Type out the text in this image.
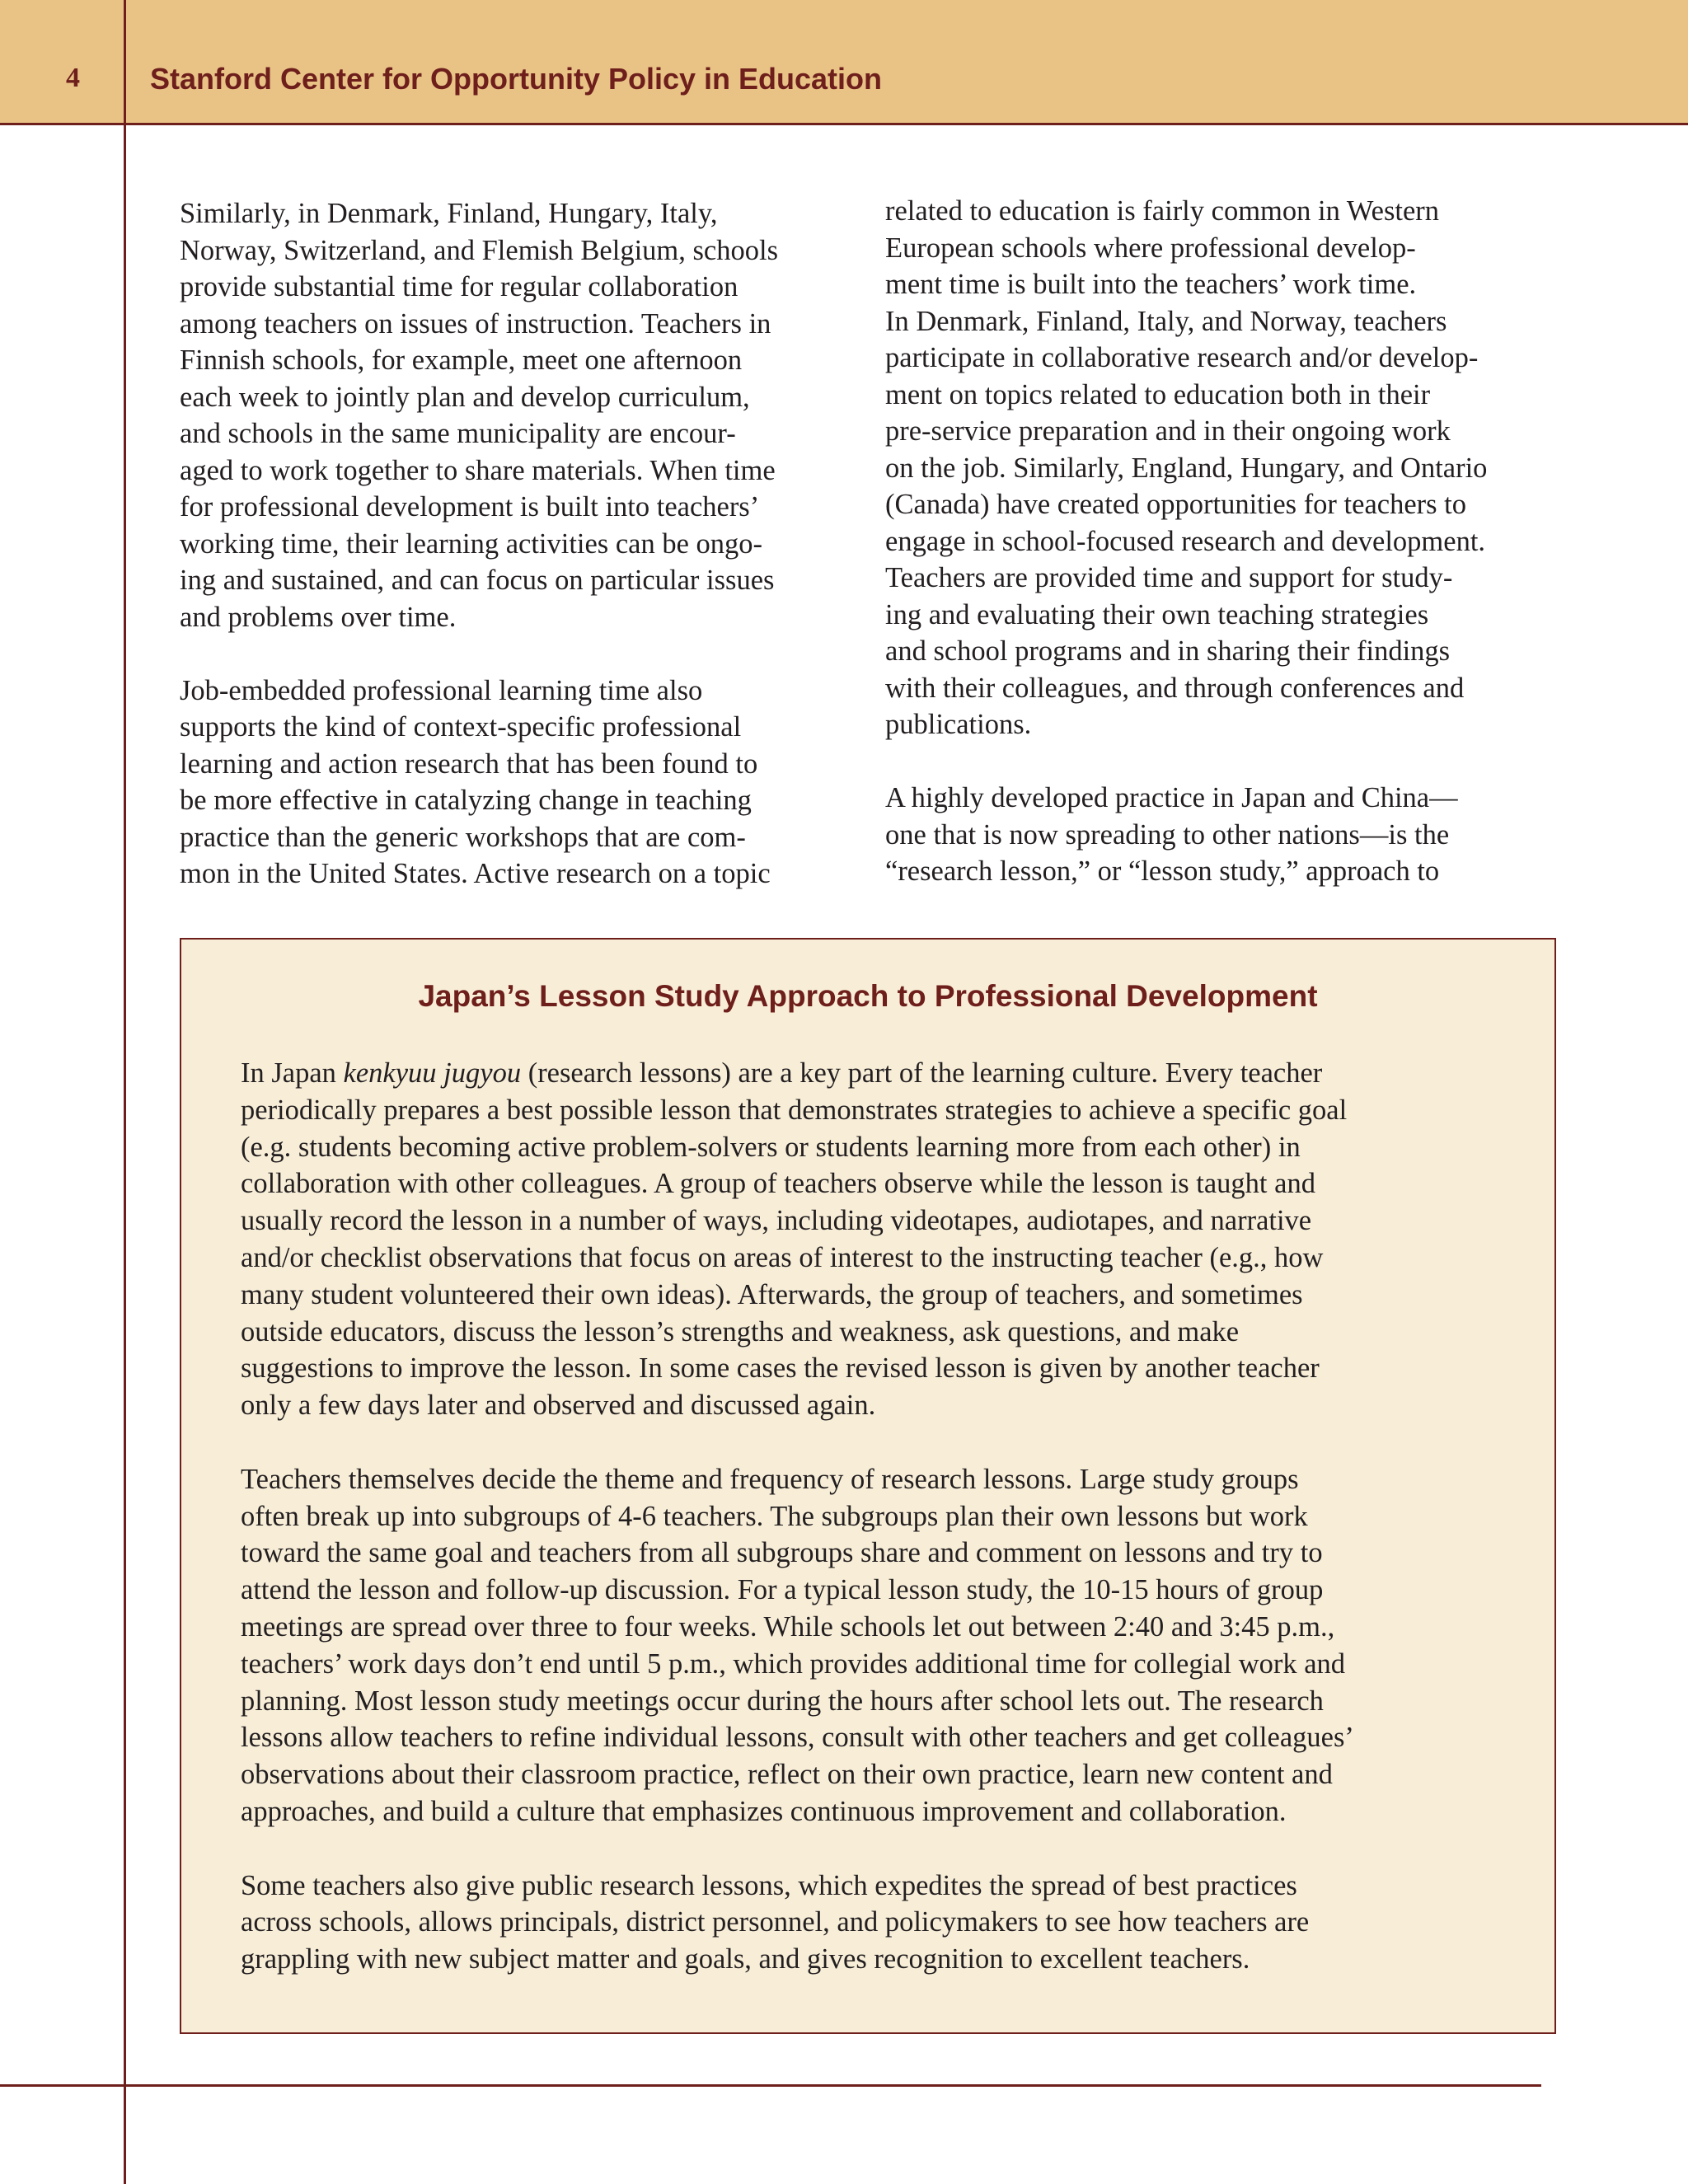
4 Stanford Center for Opportunity Policy in Education

Similarly, in Denmark, Finland, Hungary, Italy,
Norway, Switzerland, and Flemish Belgium, schools
provide substantial time for regular collaboration
among teachers on issues of instruction. Teachers in
Finnish schools, for example, meet one afternoon
each week to jointly plan and develop curriculum,
and schools in the same municipality are encour-
aged to work together to share materials. When time
for professional development is built into teachers’
working time, their learning activities can be ongo-
ing and sustained, and can focus on particular issues
and problems over time.

Job-embedded professional learning time also
supports the kind of context-specific professional
learning and action research that has been found to
be more effective in catalyzing change in teaching
practice than the generic workshops that are com-
mon in the United States. Active research on a topic

related to education is fairly common in Western
European schools where professional develop-
ment time is built into the teachers’ work time.
In Denmark, Finland, Italy, and Norway, teachers
participate in collaborative research and/or develop-
ment on topics related to education both in their
pre-service preparation and in their ongoing work
on the job. Similarly, England, Hungary, and Ontario
(Canada) have created opportunities for teachers to
engage in school-focused research and development.
Teachers are provided time and support for study-
ing and evaluating their own teaching strategies
and school programs and in sharing their findings
with their colleagues, and through conferences and
publications.

A highly developed practice in Japan and China—
one that is now spreading to other nations—is the
“research lesson,” or “lesson study,” approach to

Japan’s Lesson Study Approach to Professional Development

In Japan kenkyuu jugyou (research lessons) are a key part of the learning culture. Every teacher
periodically prepares a best possible lesson that demonstrates strategies to achieve a specific goal
(e.g. students becoming active problem-solvers or students learning more from each other) in
collaboration with other colleagues. A group of teachers observe while the lesson is taught and
usually record the lesson in a number of ways, including videotapes, audiotapes, and narrative
and/or checklist observations that focus on areas of interest to the instructing teacher (e.g., how
many student volunteered their own ideas). Afterwards, the group of teachers, and sometimes
outside educators, discuss the lesson’s strengths and weakness, ask questions, and make
suggestions to improve the lesson. In some cases the revised lesson is given by another teacher
only a few days later and observed and discussed again.

Teachers themselves decide the theme and frequency of research lessons. Large study groups
often break up into subgroups of 4-6 teachers. The subgroups plan their own lessons but work
toward the same goal and teachers from all subgroups share and comment on lessons and try to
attend the lesson and follow-up discussion. For a typical lesson study, the 10-15 hours of group
meetings are spread over three to four weeks. While schools let out between 2:40 and 3:45 p.m.,
teachers’ work days don’t end until 5 p.m., which provides additional time for collegial work and
planning. Most lesson study meetings occur during the hours after school lets out. The research
lessons allow teachers to refine individual lessons, consult with other teachers and get colleagues’
observations about their classroom practice, reflect on their own practice, learn new content and
approaches, and build a culture that emphasizes continuous improvement and collaboration.

Some teachers also give public research lessons, which expedites the spread of best practices
across schools, allows principals, district personnel, and policymakers to see how teachers are
grappling with new subject matter and goals, and gives recognition to excellent teachers.
